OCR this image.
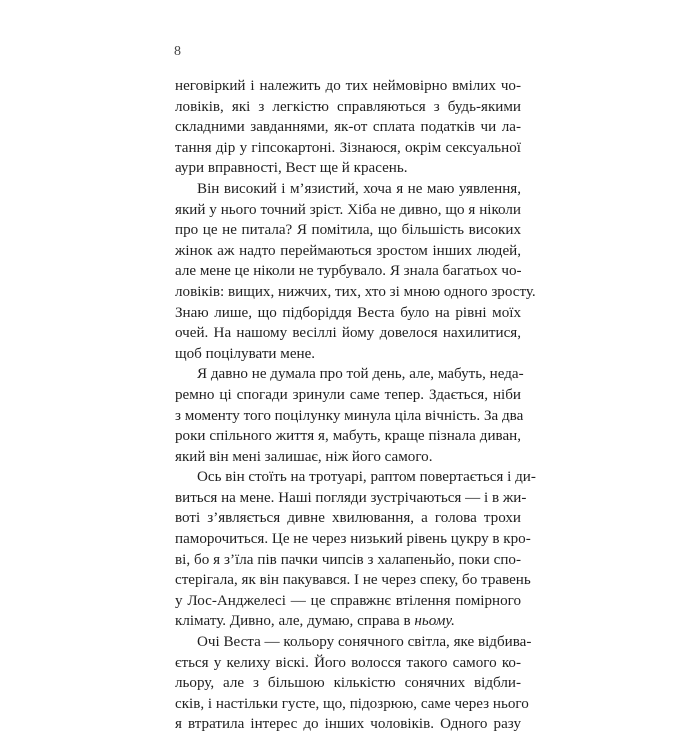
8
неговіркий і належить до тих неймовірно вмілих чо-
ловіків, які з легкістю справляються з будь-якими
складними завданнями, як-от сплата податків чи ла-
тання дір у гіпсокартоні. Зізнаюся, окрім сексуальної
аури вправності, Вест ще й красень.
Він високий і м’язистий, хоча я не маю уявлення,
який у нього точний зріст. Хіба не дивно, що я ніколи
про це не питала? Я помітила, що більшість високих
жінок аж надто переймаються зростом інших людей,
але мене це ніколи не турбувало. Я знала багатьох чо-
ловіків: вищих, нижчих, тих, хто зі мною одного зросту.
Знаю лише, що підборіддя Веста було на рівні моїх
очей. На нашому весіллі йому довелося нахилитися,
щоб поцілувати мене.
Я давно не думала про той день, але, мабуть, неда-
ремно ці спогади зринули саме тепер. Здається, ніби
з моменту того поцілунку минула ціла вічність. За два
роки спільного життя я, мабуть, краще пізнала диван,
який він мені залишає, ніж його самого.
Ось він стоїть на тротуарі, раптом повертається і ди-
виться на мене. Наші погляди зустрічаються — і в жи-
воті з’являється дивне хвилювання, а голова трохи
паморочиться. Це не через низький рівень цукру в кро-
ві, бо я з’їла пів пачки чипсів з халапеньйо, поки спо-
стерігала, як він пакувався. І не через спеку, бо травень
у Лос-Анджелесі — це справжнє втілення помірного
клімату. Дивно, але, думаю, справа в ньому.
Очі Веста — кольору сонячного світла, яке відбива-
ється у келиху віскі. Його волосся такого самого ко-
льору, але з більшою кількістю сонячних відбли-
сків, і настільки густе, що, підозрюю, саме через нього
я втратила інтерес до інших чоловіків. Одного разу
